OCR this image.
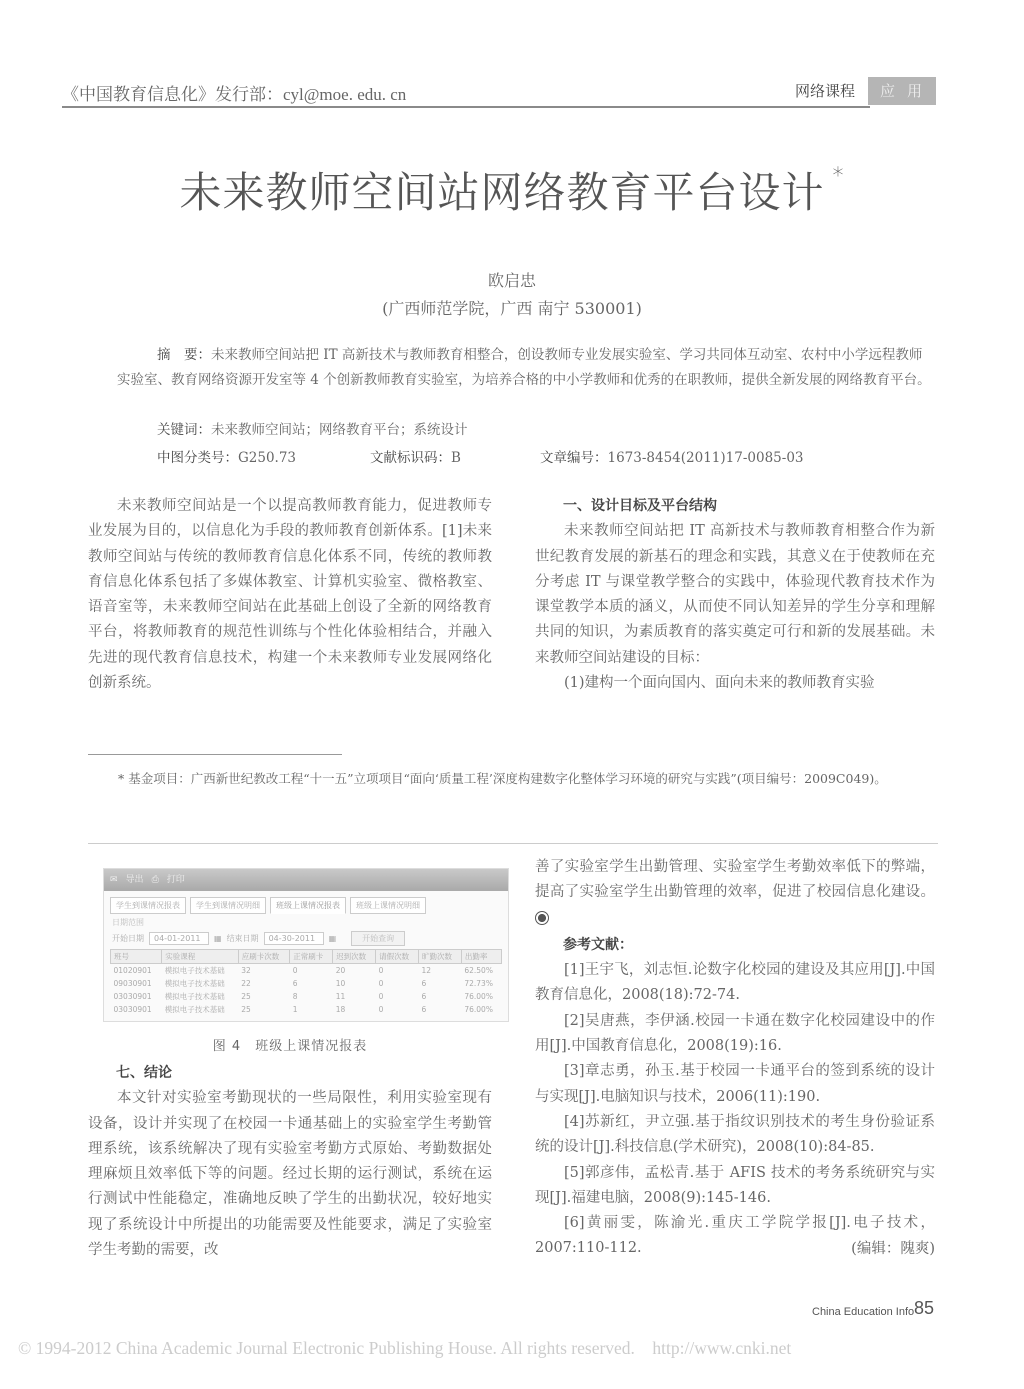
《中国教育信息化》发行部：cyl@moe. edu. cn	网络课程	应用
未来教师空间站网络教育平台设计 *
欧启忠
(广西师范学院，广西 南宁 530001)
摘　要：未来教师空间站把 IT 高新技术与教师教育相整合，创设教师专业发展实验室、学习共同体互动室、农村中小学远程教师实验室、教育网络资源开发室等 4 个创新教师教育实验室，为培养合格的中小学教师和优秀的在职教师，提供全新发展的网络教育平台。
关键词：未来教师空间站；网络教育平台；系统设计
中图分类号：G250.73	文献标识码：B	文章编号：1673-8454(2011)17-0085-03

未来教师空间站是一个以提高教师教育能力，促进教师专业发展为目的，以信息化为手段的教师教育创新体系。[1]未来教师空间站与传统的教师教育信息化体系不同，传统的教师教育信息化体系包括了多媒体教室、计算机实验室、微格教室、语音室等，未来教师空间站在此基础上创设了全新的网络教育平台，将教师教育的规范性训练与个性化体验相结合，并融入先进的现代教育信息技术，构建一个未来教师专业发展网络化创新系统。

一、设计目标及平台结构

未来教师空间站把 IT 高新技术与教师教育相整合作为新世纪教育发展的新基石的理念和实践，其意义在于使教师在充分考虑 IT 与课堂教学整合的实践中，体验现代教育技术作为课堂教学本质的涵义，从而使不同认知差异的学生分享和理解共同的知识，为素质教育的落实奠定可行和新的发展基础。未来教师空间站建设的目标：

(1)建构一个面向国内、面向未来的教师教育实验

* 基金项目：广西新世纪教改工程“十一五”立项项目“面向‘质量工程’深度构建数字化整体学习环境的研究与实践”(项目编号：2009C049)。
✉ 导出 ⎙ 打印
学生到课情况报表	学生到课情况明细	班级上课情况报表	班级上课情况明细
日期范围
开始日期	04-01-2011	▦ 结束日期	04-30-2011	▦	开始查询
班号	实验课程	应刷卡次数	正常刷卡	迟到次数	请假次数	旷勤次数	出勤率
01020901	模拟电子技术基础	32	0	20	0	12	62.50%
09030901	模拟电子技术基础	22	6	10	0	6	72.73%
03030901	模拟电子技术基础	25	8	11	0	6	76.00%
03030901	模拟电子技术基础	25	1	18	0	6	76.00%
图 4　班级上课情况报表

七、结论

本文针对实验室考勤现状的一些局限性，利用实验室现有设备，设计并实现了在校园一卡通基础上的实验室学生考勤管理系统，该系统解决了现有实验室考勤方式原始、考勤数据处理麻烦且效率低下等的问题。经过长期的运行测试，系统在运行测试中性能稳定，准确地反映了学生的出勤状况，较好地实现了系统设计中所提出的功能需要及性能要求，满足了实验室学生考勤的需要，改

善了实验室学生出勤管理、实验室学生考勤效率低下的弊端，提高了实验室学生出勤管理的效率，促进了校园信息化建设。

参考文献：

[1]王宇飞，刘志恒.论数字化校园的建设及其应用[J].中国教育信息化，2008(18):72-74.

[2]吴唐燕，李伊涵.校园一卡通在数字化校园建设中的作用[J].中国教育信息化，2008(19):16.

[3]章志勇，孙玉.基于校园一卡通平台的签到系统的设计与实现[J].电脑知识与技术，2006(11):190.

[4]苏新红，尹立强.基于指纹识别技术的考生身份验证系统的设计[J].科技信息(学术研究)，2008(10):84-85.

[5]郭彦伟，孟松青.基于 AFIS 技术的考务系统研究与实现[J].福建电脑，2008(9):145-146.

[6]黄丽雯，陈渝光.重庆工学院学报[J].电子技术，2007:110-112.	(编辑：隗爽)
China Education Info 85
© 1994-2012 China Academic Journal Electronic Publishing House. All rights reserved.    http://www.cnki.net
